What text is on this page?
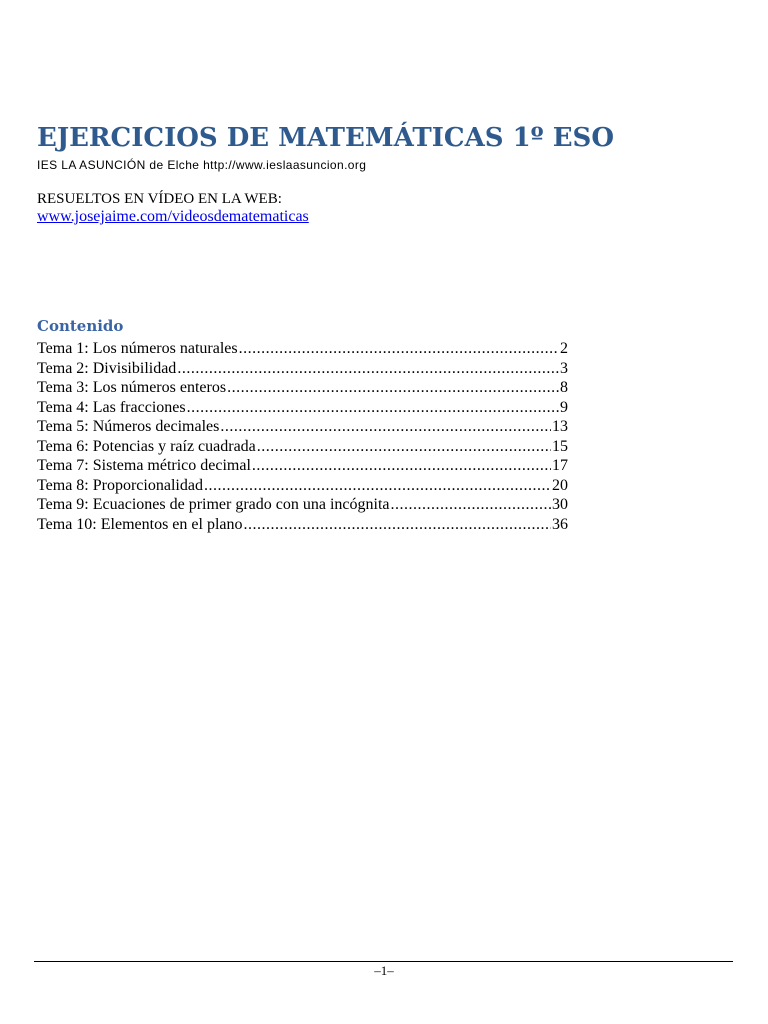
EJERCICIOS DE MATEMÁTICAS 1º ESO
IES LA ASUNCIÓN de Elche http://www.ieslaasuncion.org
RESUELTOS EN VÍDEO EN LA WEB:
www.josejaime.com/videosdematematicas
Contenido
Tema 1: Los números naturales .....	2
Tema 2: Divisibilidad .....	3
Tema 3: Los números enteros .....	8
Tema 4: Las fracciones .....	9
Tema 5: Números decimales .....	13
Tema 6: Potencias y raíz cuadrada .....	15
Tema 7: Sistema métrico decimal .....	17
Tema 8: Proporcionalidad .....	20
Tema 9: Ecuaciones de primer grado con una incógnita .....	30
Tema 10: Elementos en el plano .....	36
–1–
